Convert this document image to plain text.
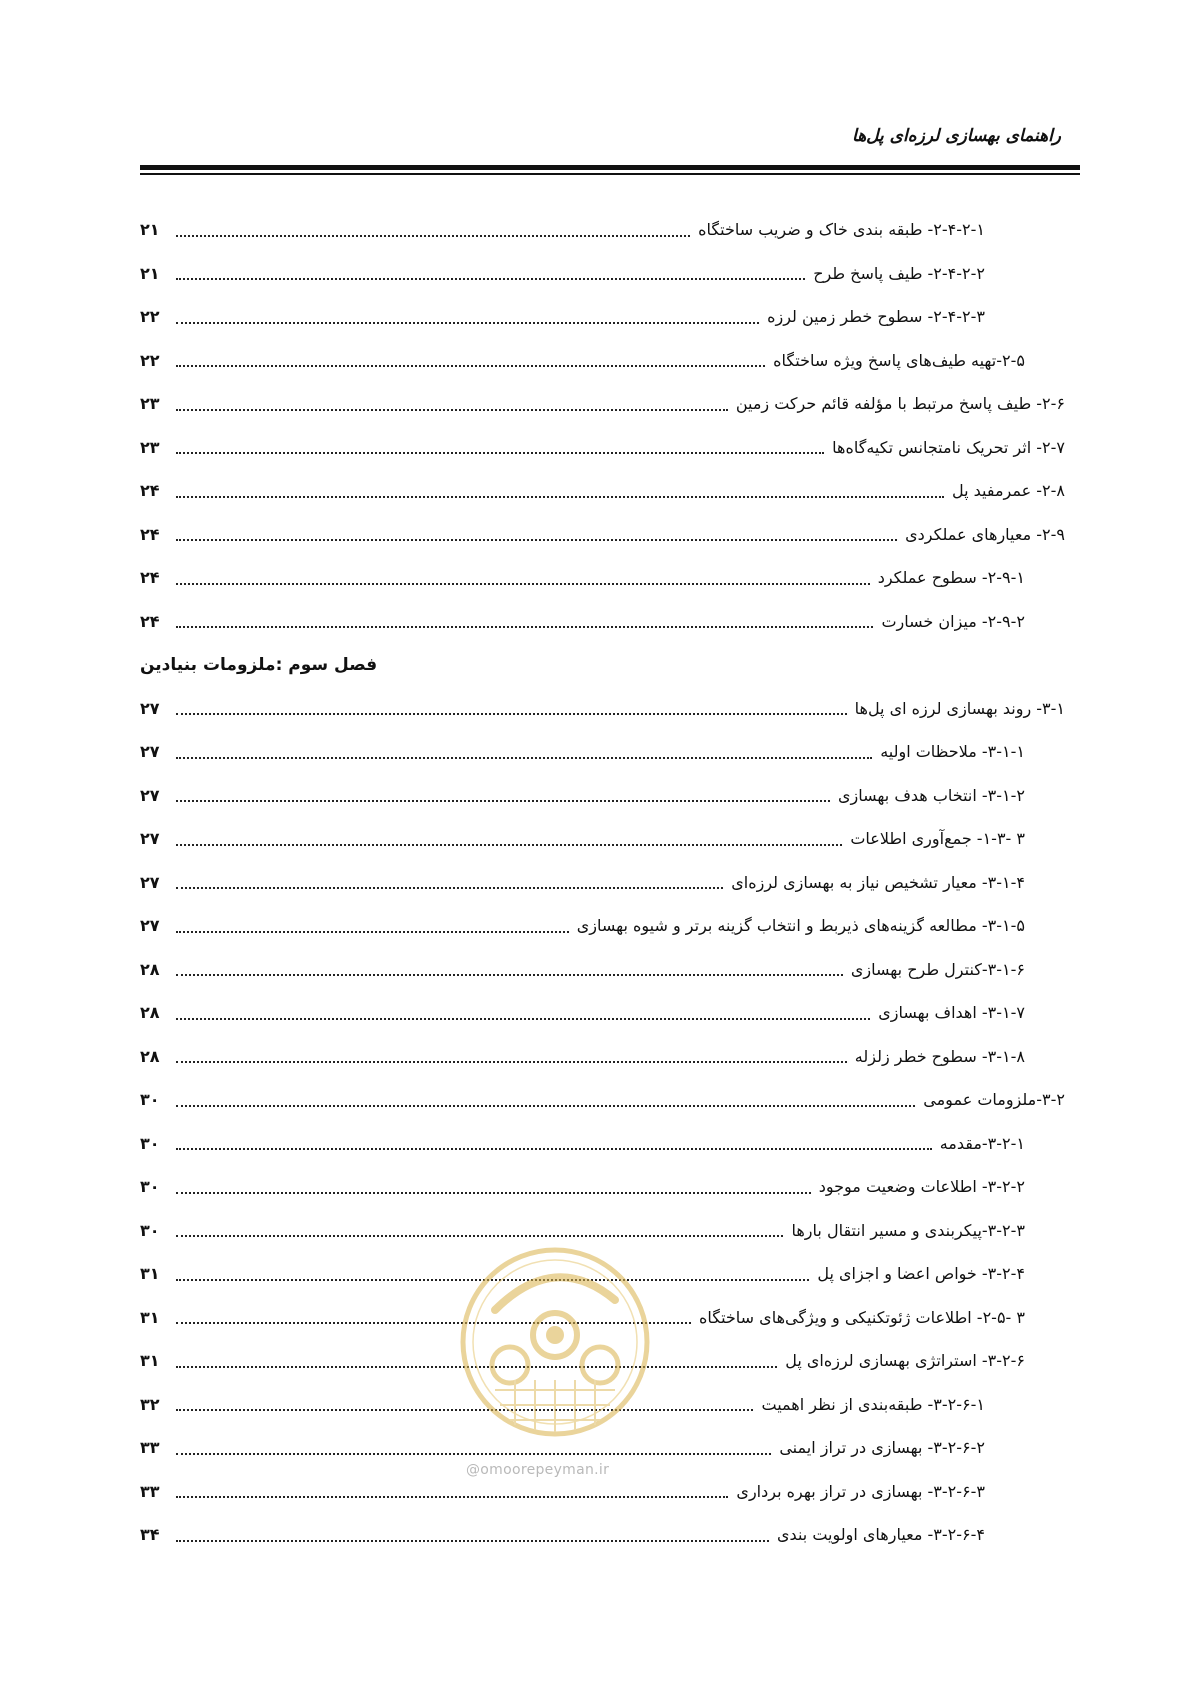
راهنمای بهسازی لرزه‌ای پل‌ها
۲-۴-۲-۱- طبقه بندی خاک و ضریب ساختگاه
۲۱
۲-۴-۲-۲- طیف پاسخ طرح
۲۱
۲-۴-۲-۳- سطوح خطر زمین لرزه
۲۲
۲-۵-تهیه طیف‌های پاسخ ویژه ساختگاه
۲۲
۲-۶- طیف پاسخ مرتبط با مؤلفه قائم حرکت زمین
۲۳
۲-۷- اثر تحریک نامتجانس تکیه‌گاه‌ها
۲۳
۲-۸- عمرمفید پل
۲۴
۲-۹- معیارهای عملکردی
۲۴
۲-۹-۱- سطوح عملکرد
۲۴
۲-۹-۲- میزان خسارت
۲۴
فصل سوم :ملزومات بنیادین
۳-۱- روند بهسازی لرزه ای پل‌ها
۲۷
۳-۱-۱- ملاحظات اولیه
۲۷
۳-۱-۲- انتخاب هدف بهسازی
۲۷
۳ -۱-۳- جمع‌آوری اطلاعات
۲۷
۳-۱-۴- معیار تشخیص نیاز به بهسازی لرزه‌ای
۲۷
۳-۱-۵- مطالعه گزینه‌های ذیربط و انتخاب گزینه برتر و شیوه بهسازی
۲۷
۳-۱-۶-کنترل طرح بهسازی
۲۸
۳-۱-۷- اهداف بهسازی
۲۸
۳-۱-۸- سطوح خطر زلزله
۲۸
۳-۲-ملزومات عمومی
۳۰
۳-۲-۱-مقدمه
۳۰
۳-۲-۲- اطلاعات وضعیت موجود
۳۰
۳-۲-۳-پیکربندی و مسیر انتقال بارها
۳۰
۳-۲-۴- خواص اعضا و اجزای پل
۳۱
۳ -۲-۵- اطلاعات ژئوتکنیکی و ویژگی‌های ساختگاه
۳۱
۳-۲-۶- استراتژی بهسازی لرزه‌ای پل
۳۱
۳-۲-۶-۱- طبقه‌بندی از نظر اهمیت
۳۲
۳-۲-۶-۲- بهسازی در تراز ایمنی
۳۳
۳-۲-۶-۳- بهسازی در تراز بهره برداری
۳۳
۳-۲-۶-۴- معیارهای اولویت بندی
۳۴
@omoorepeyman.ir
